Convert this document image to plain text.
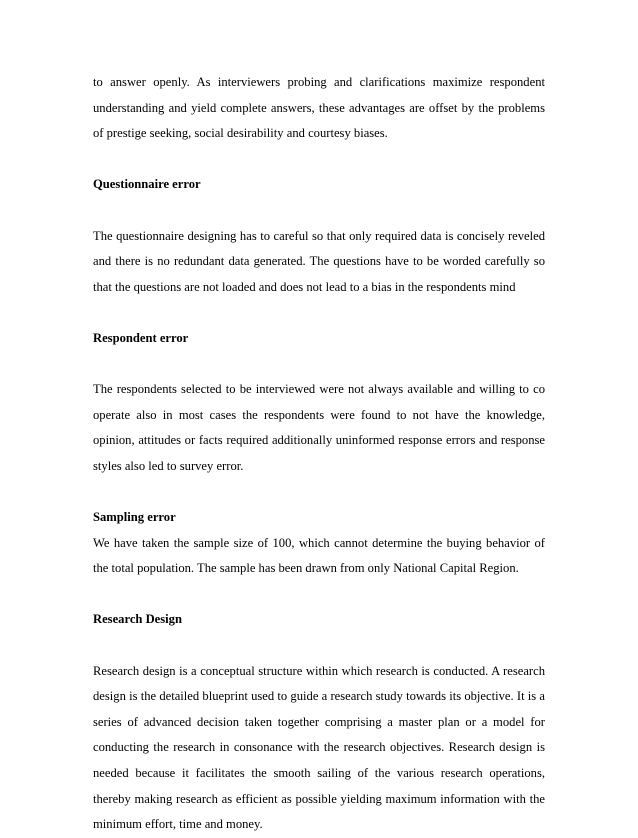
to answer openly. As interviewers probing and clarifications maximize respondent
understanding and yield complete answers, these advantages are offset by the problems
of prestige seeking, social desirability and courtesy biases.

Questionnaire error

The questionnaire designing has to careful so that only required data is concisely reveled
and there is no redundant data generated. The questions have to be worded carefully so
that the questions are not loaded and does not lead to a bias in the respondents mind

Respondent error

The respondents selected to be interviewed were not always available and willing to co
operate also in most cases the respondents were found to not have the knowledge,
opinion, attitudes or facts required additionally uninformed response errors and response
styles also led to survey error.

Sampling error

We have taken the sample size of 100, which cannot determine the buying behavior of
the total population. The sample has been drawn from only National Capital Region.

Research Design

Research design is a conceptual structure within which research is conducted. A research
design is the detailed blueprint used to guide a research study towards its objective. It is a
series of advanced decision taken together comprising a master plan or a model for
conducting the research in consonance with the research objectives. Research design is
needed because it facilitates the smooth sailing of the various research operations,
thereby making research as efficient as possible yielding maximum information with the
minimum effort, time and money.
